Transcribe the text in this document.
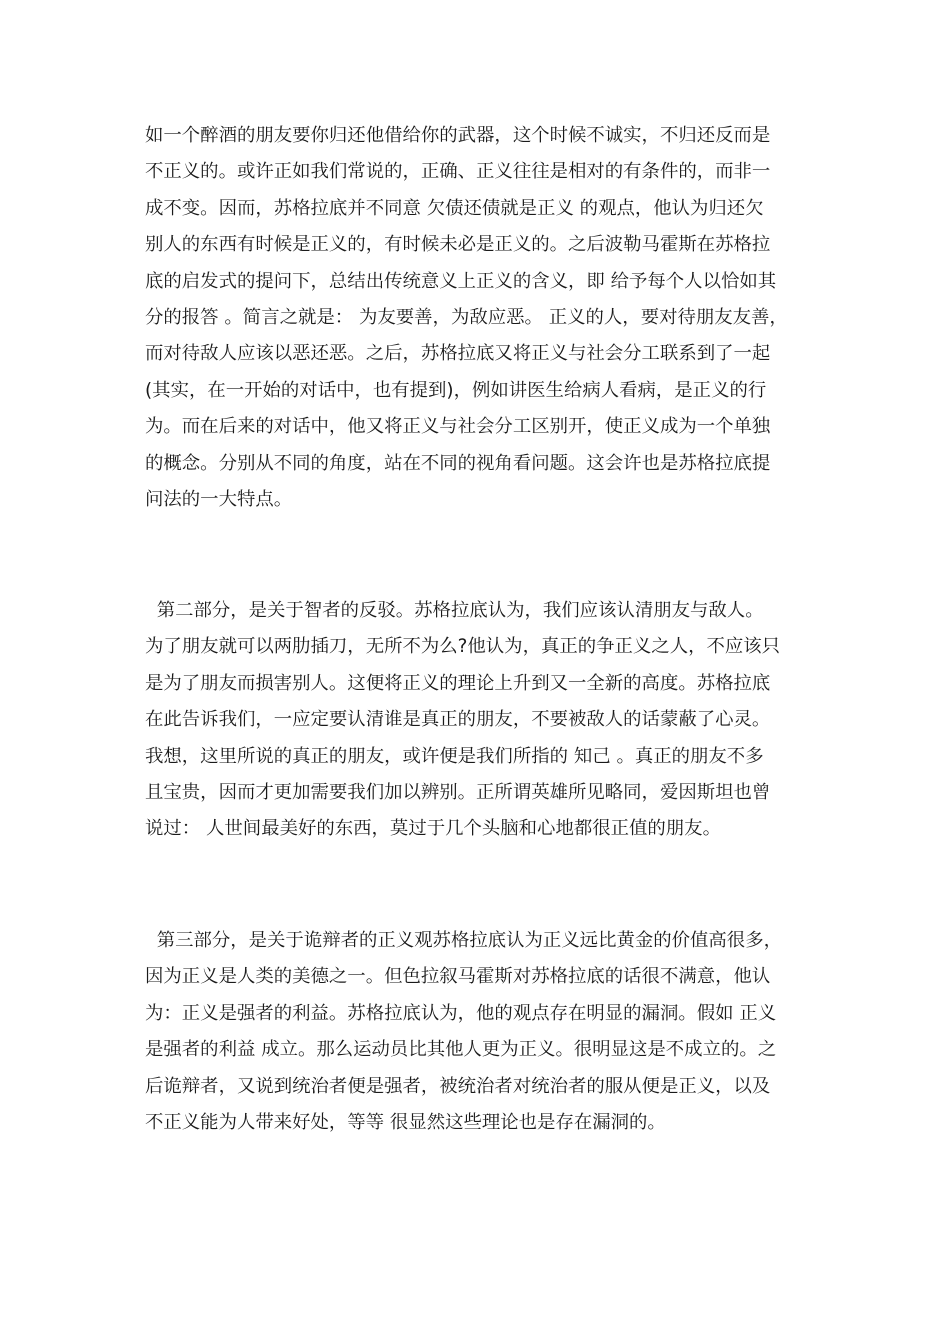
如一个醉酒的朋友要你归还他借给你的武器，这个时候不诚实，不归还反而是
不正义的。或许正如我们常说的，正确、正义往往是相对的有条件的，而非一
成不变。因而，苏格拉底并不同意 欠债还债就是正义 的观点，他认为归还欠
别人的东西有时候是正义的，有时候未必是正义的。之后波勒马霍斯在苏格拉
底的启发式的提问下，总结出传统意义上正义的含义，即 给予每个人以恰如其
分的报答 。简言之就是： 为友要善，为敌应恶。 正义的人，要对待朋友友善，
而对待敌人应该以恶还恶。之后，苏格拉底又将正义与社会分工联系到了一起
(其实，在一开始的对话中，也有提到)，例如讲医生给病人看病，是正义的行
为。而在后来的对话中，他又将正义与社会分工区别开，使正义成为一个单独
的概念。分别从不同的角度，站在不同的视角看问题。这会许也是苏格拉底提
问法的一大特点。
第二部分，是关于智者的反驳。苏格拉底认为，我们应该认清朋友与敌人。
为了朋友就可以两肋插刀，无所不为么?他认为，真正的争正义之人，不应该只
是为了朋友而损害别人。这便将正义的理论上升到又一全新的高度。苏格拉底
在此告诉我们，一应定要认清谁是真正的朋友，不要被敌人的话蒙蔽了心灵。
我想，这里所说的真正的朋友，或许便是我们所指的 知己 。真正的朋友不多
且宝贵，因而才更加需要我们加以辨别。正所谓英雄所见略同，爱因斯坦也曾
说过： 人世间最美好的东西，莫过于几个头脑和心地都很正值的朋友。
第三部分，是关于诡辩者的正义观苏格拉底认为正义远比黄金的价值高很多，
因为正义是人类的美德之一。但色拉叙马霍斯对苏格拉底的话很不满意，他认
为：正义是强者的利益。苏格拉底认为，他的观点存在明显的漏洞。假如 正义
是强者的利益 成立。那么运动员比其他人更为正义。很明显这是不成立的。之
后诡辩者，又说到统治者便是强者，被统治者对统治者的服从便是正义，以及
不正义能为人带来好处，等等 很显然这些理论也是存在漏洞的。
